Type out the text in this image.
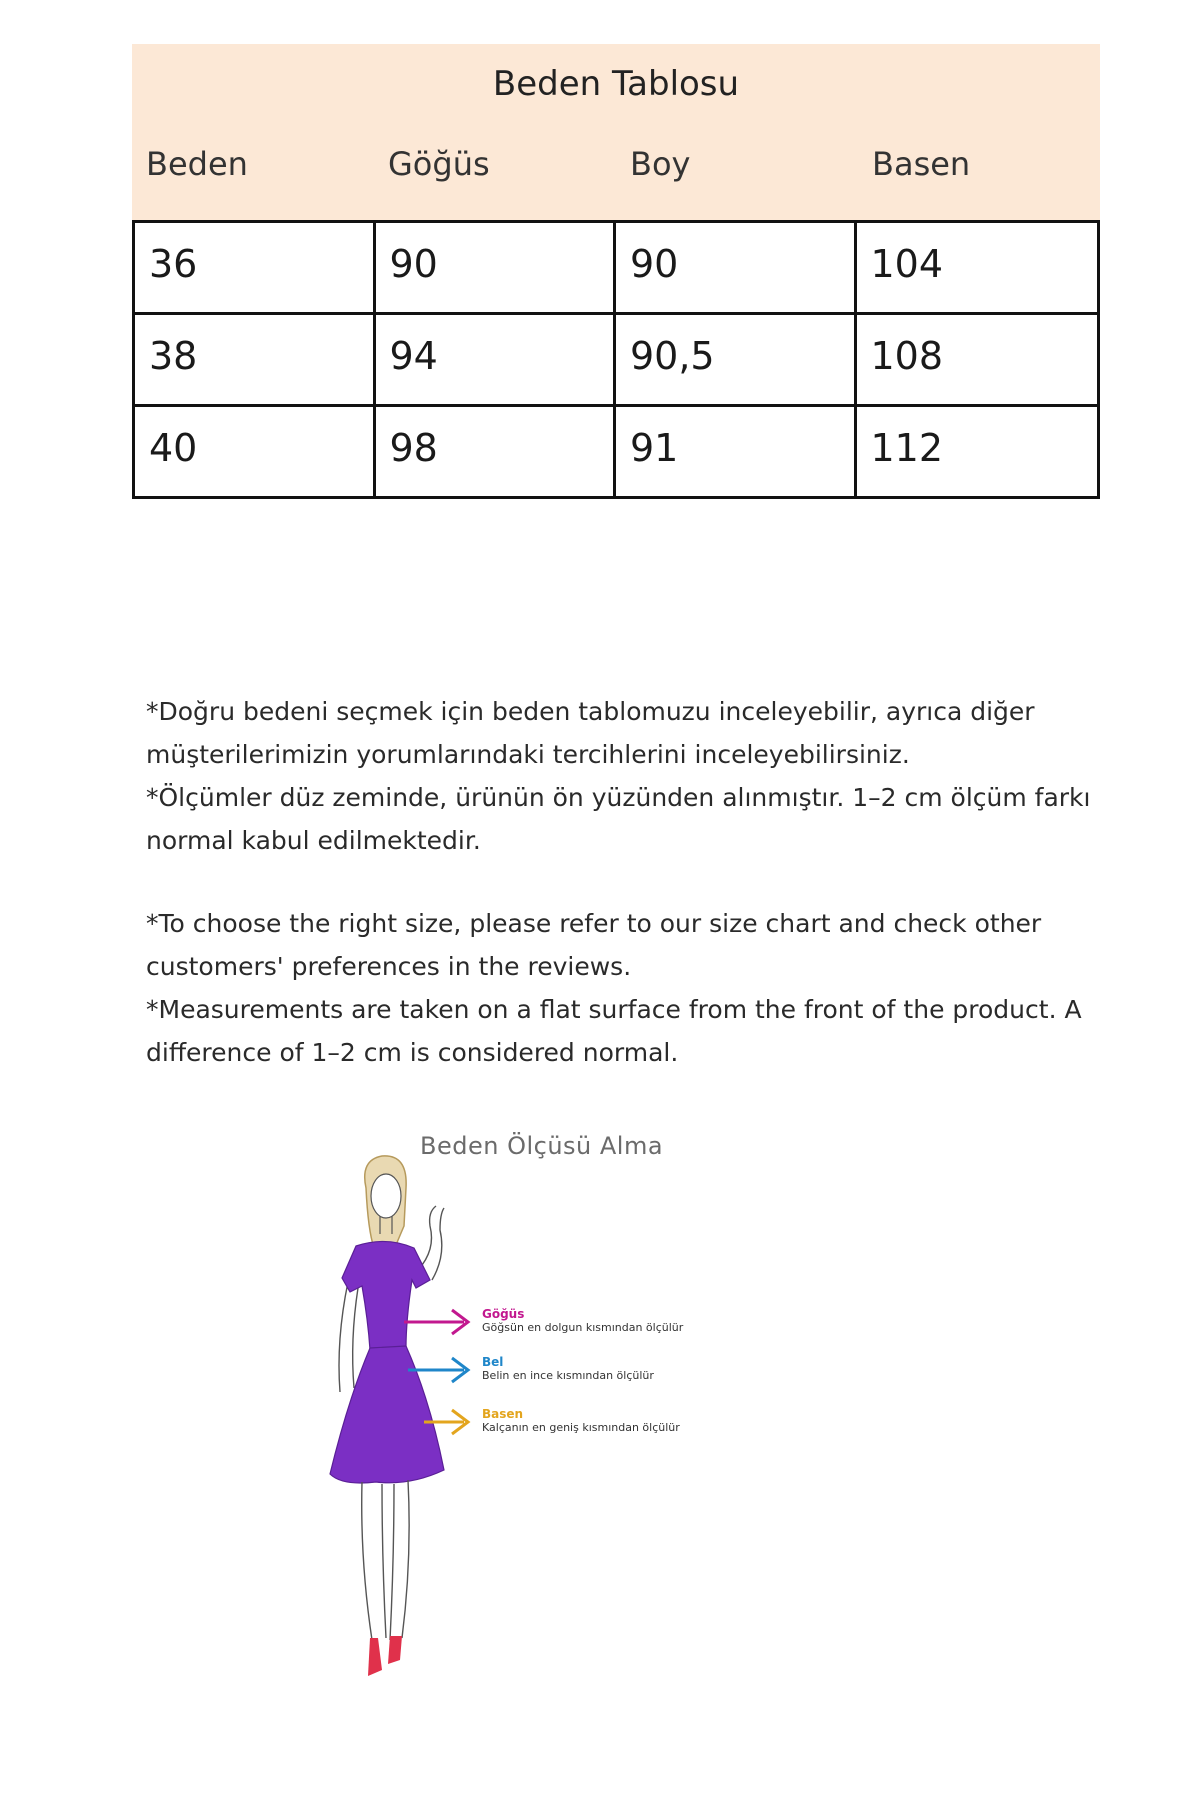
Beden Tablosu
Beden	Göğüs	Boy	Basen
36	90	90	104
38	94	90,5	108
40	98	91	112

*Doğru bedeni seçmek için beden tablomuzu inceleyebilir, ayrıca diğer müşterilerimizin yorumlarındaki tercihlerini inceleyebilirsiniz.

*Ölçümler düz zeminde, ürünün ön yüzünden alınmıştır. 1–2 cm ölçüm farkı normal kabul edilmektedir.

*To choose the right size, please refer to our size chart and check other customers' preferences in the reviews.

*Measurements are taken on a flat surface from the front of the product. A difference of 1–2 cm is considered normal.

Beden Ölçüsü Alma
Göğüs
Göğsün en dolgun kısmından ölçülür
Bel
Belin en ince kısmından ölçülür
Basen
Kalçanın en geniş kısmından ölçülür
